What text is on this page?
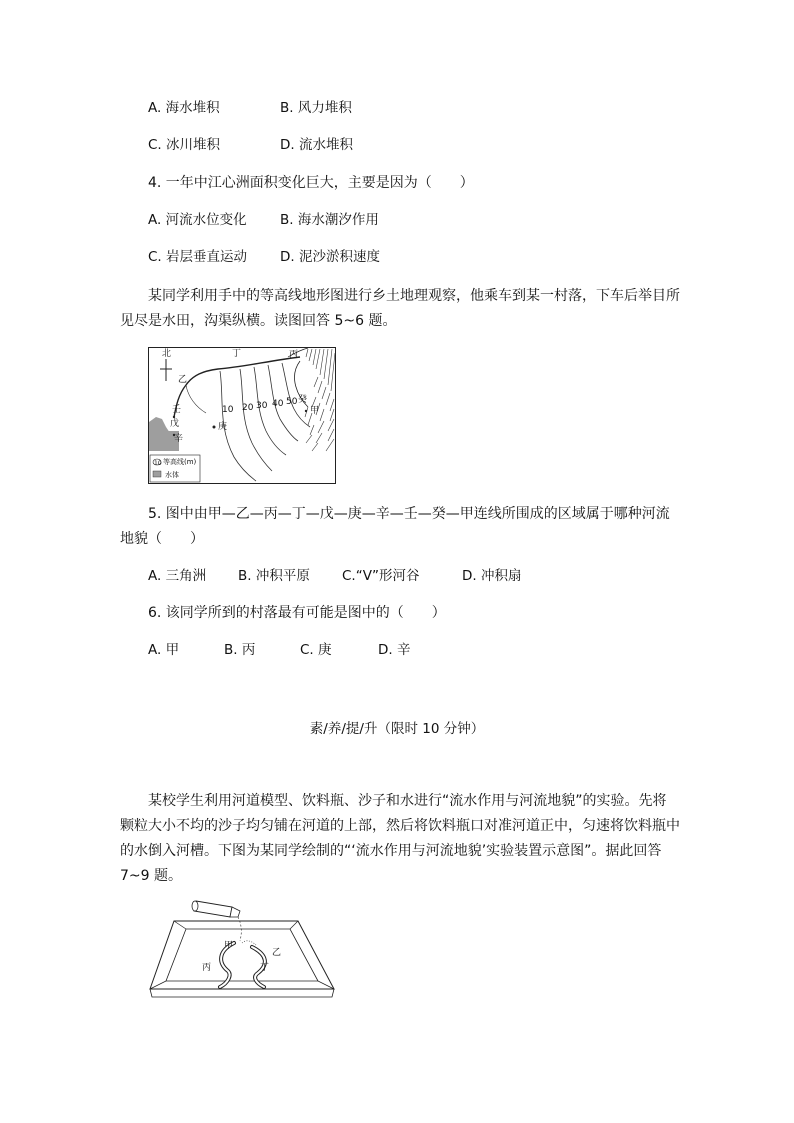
A. 海水堆积	B. 风力堆积
C. 冰川堆积	D. 流水堆积
4. 一年中江心洲面积变化巨大，主要是因为（　　）
A. 河流水位变化 B. 海水潮汐作用
C. 岩层垂直运动 D. 泥沙淤积速度

某同学利用手中的等高线地形图进行乡土地理观察，他乘车到某一村落，下车后举目所见尽是水田，沟渠纵横。读图回答 5~6 题。

北
乙
丁	丙
甲
庚
戊
壬
癸
辛
10 20 30 40 50
10 等高线(m)
水体
5. 图中由甲—乙—丙—丁—戊—庚—辛—壬—癸—甲连线所围成的区域属于哪种河流
地貌（　　）
A. 三角洲 B. 冲积平原 C.“V”形河谷	D. 冲积扇
6. 该同学所到的村落最有可能是图中的（　　）
A. 甲	B. 丙	C. 庚	D. 辛
素/养/提/升（限时 10 分钟）

某校学生利用河道模型、饮料瓶、沙子和水进行“流水作用与河流地貌”的实验。先将颗粒大小不均的沙子均匀铺在河道的上部，然后将饮料瓶口对准河道正中，匀速将饮料瓶中的水倒入河槽。下图为某同学绘制的“‘流水作用与河流地貌’实验装置示意图”。据此回答 7~9 题。

甲
乙
丙	丁
